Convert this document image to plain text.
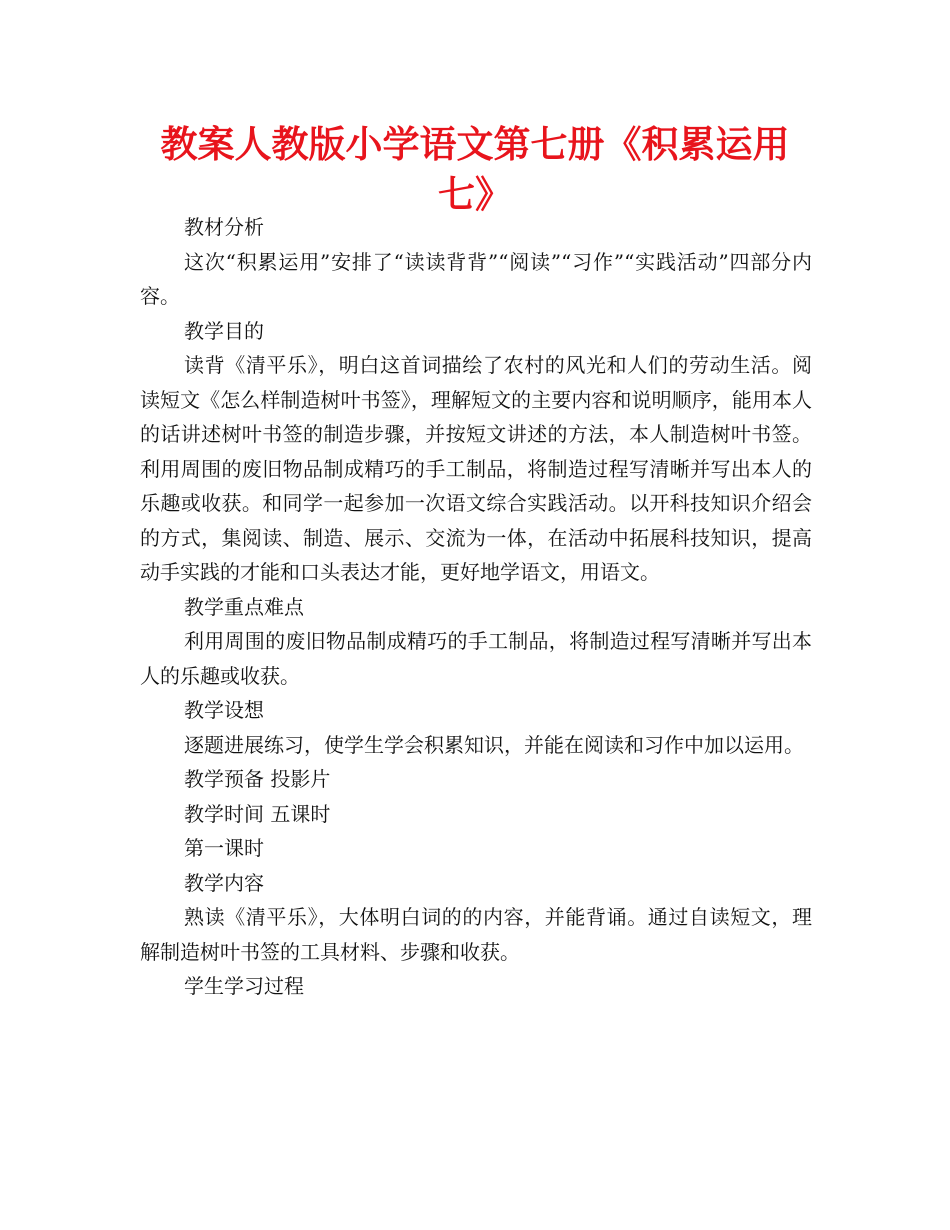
教案人教版小学语文第七册《积累运用七》

教材分析

这次“积累运用”安排了“读读背背”“阅读”“习作”“实践活动”四部分内容。

教学目的

读背《清平乐》，明白这首词描绘了农村的风光和人们的劳动生活。阅读短文《怎么样制造树叶书签》，理解短文的主要内容和说明顺序，能用本人的话讲述树叶书签的制造步骤，并按短文讲述的方法，本人制造树叶书签。利用周围的废旧物品制成精巧的手工制品，将制造过程写清晰并写出本人的乐趣或收获。和同学一起参加一次语文综合实践活动。以开科技知识介绍会的方式，集阅读、制造、展示、交流为一体，在活动中拓展科技知识，提高动手实践的才能和口头表达才能，更好地学语文，用语文。

教学重点难点

利用周围的废旧物品制成精巧的手工制品，将制造过程写清晰并写出本人的乐趣或收获。

教学设想

逐题进展练习，使学生学会积累知识，并能在阅读和习作中加以运用。

教学预备 投影片

教学时间 五课时

第一课时

教学内容

熟读《清平乐》，大体明白词的的内容，并能背诵。通过自读短文，理解制造树叶书签的工具材料、步骤和收获。

学生学习过程
